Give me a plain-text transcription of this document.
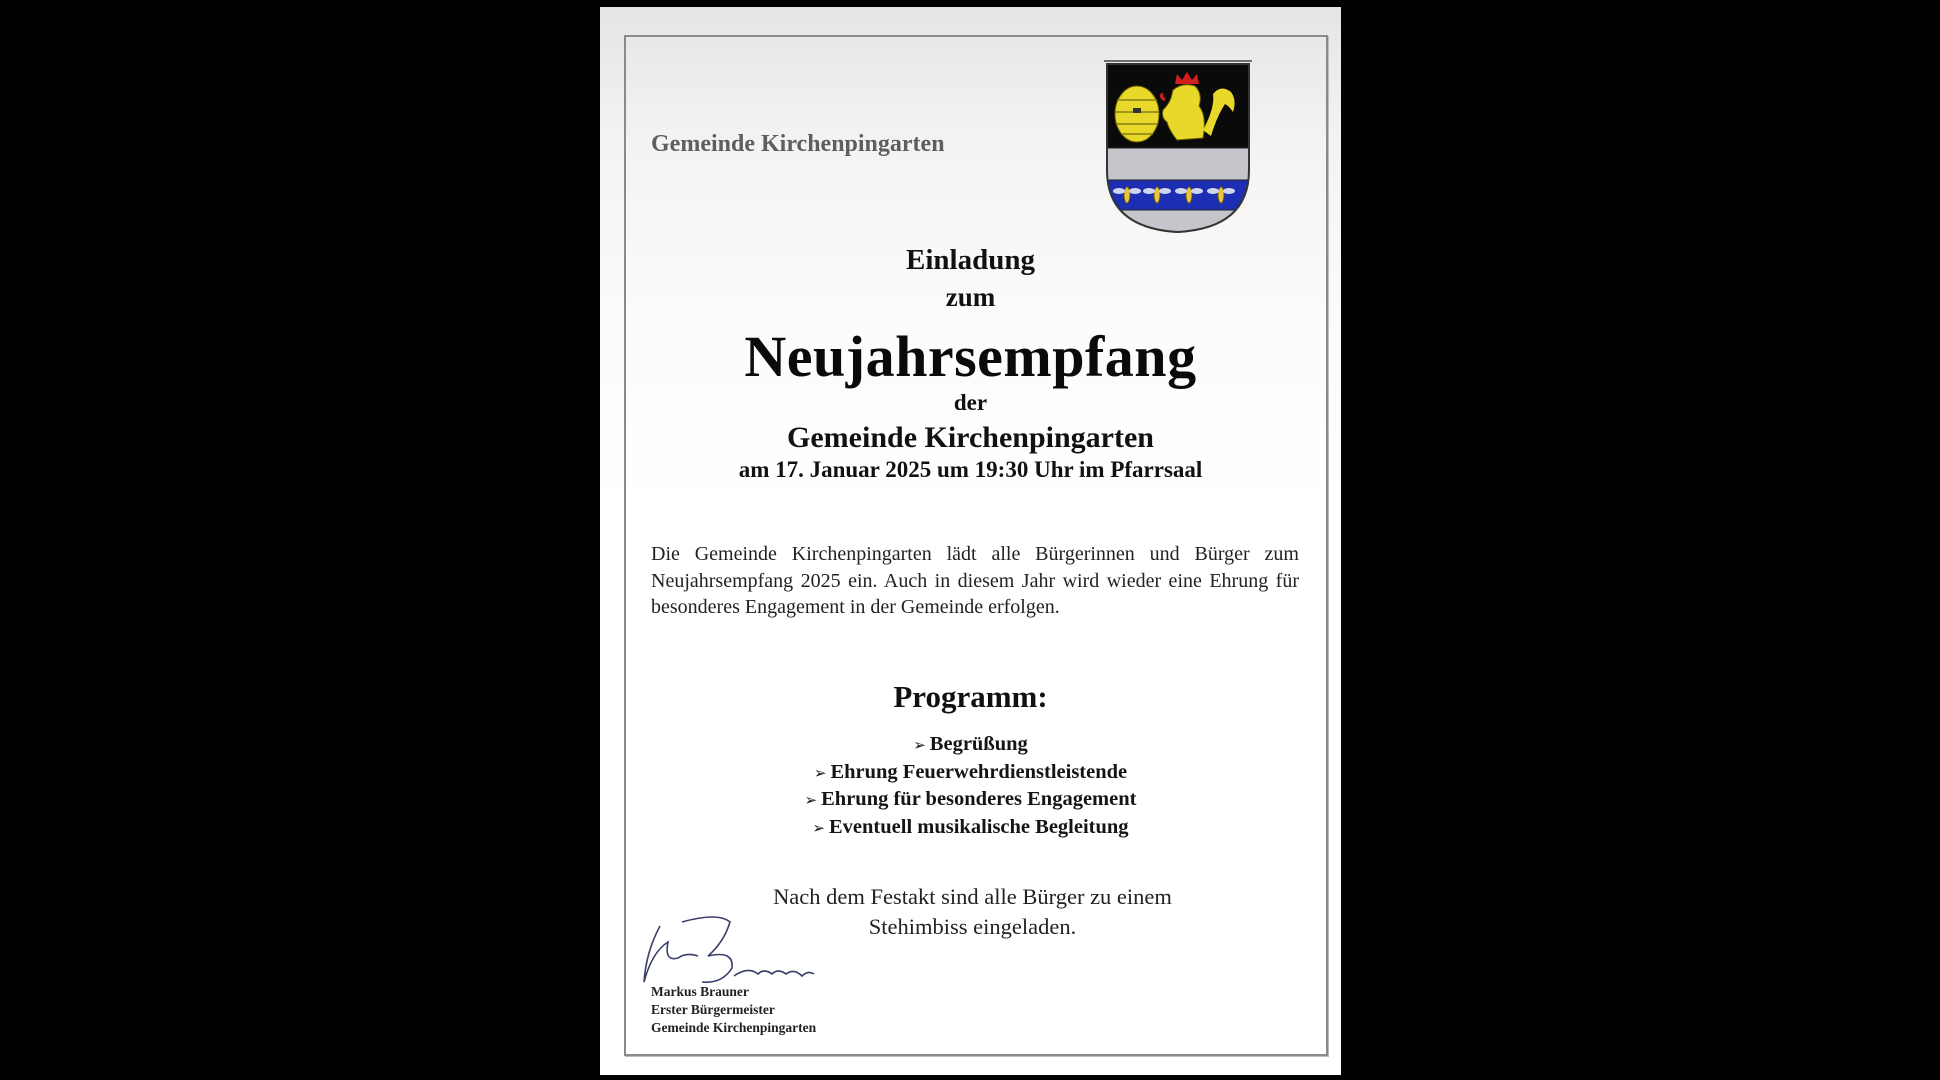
Gemeinde Kirchenpingarten
Einladung
zum
Neujahrsempfang
der
Gemeinde Kirchenpingarten
am 17. Januar 2025 um 19:30 Uhr im Pfarrsaal
Die Gemeinde Kirchenpingarten lädt alle Bürgerinnen und Bürger zum Neujahrsempfang 2025 ein. Auch in diesem Jahr wird wieder eine Ehrung für besonderes Engagement in der Gemeinde erfolgen.
Programm:
➢ Begrüßung
➢ Ehrung Feuerwehrdienstleistende
➢ Ehrung für besonderes Engagement
➢ Eventuell musikalische Begleitung
Nach dem Festakt sind alle Bürger zu einem
Stehimbiss eingeladen.
Markus Brauner
Erster Bürgermeister
Gemeinde Kirchenpingarten
